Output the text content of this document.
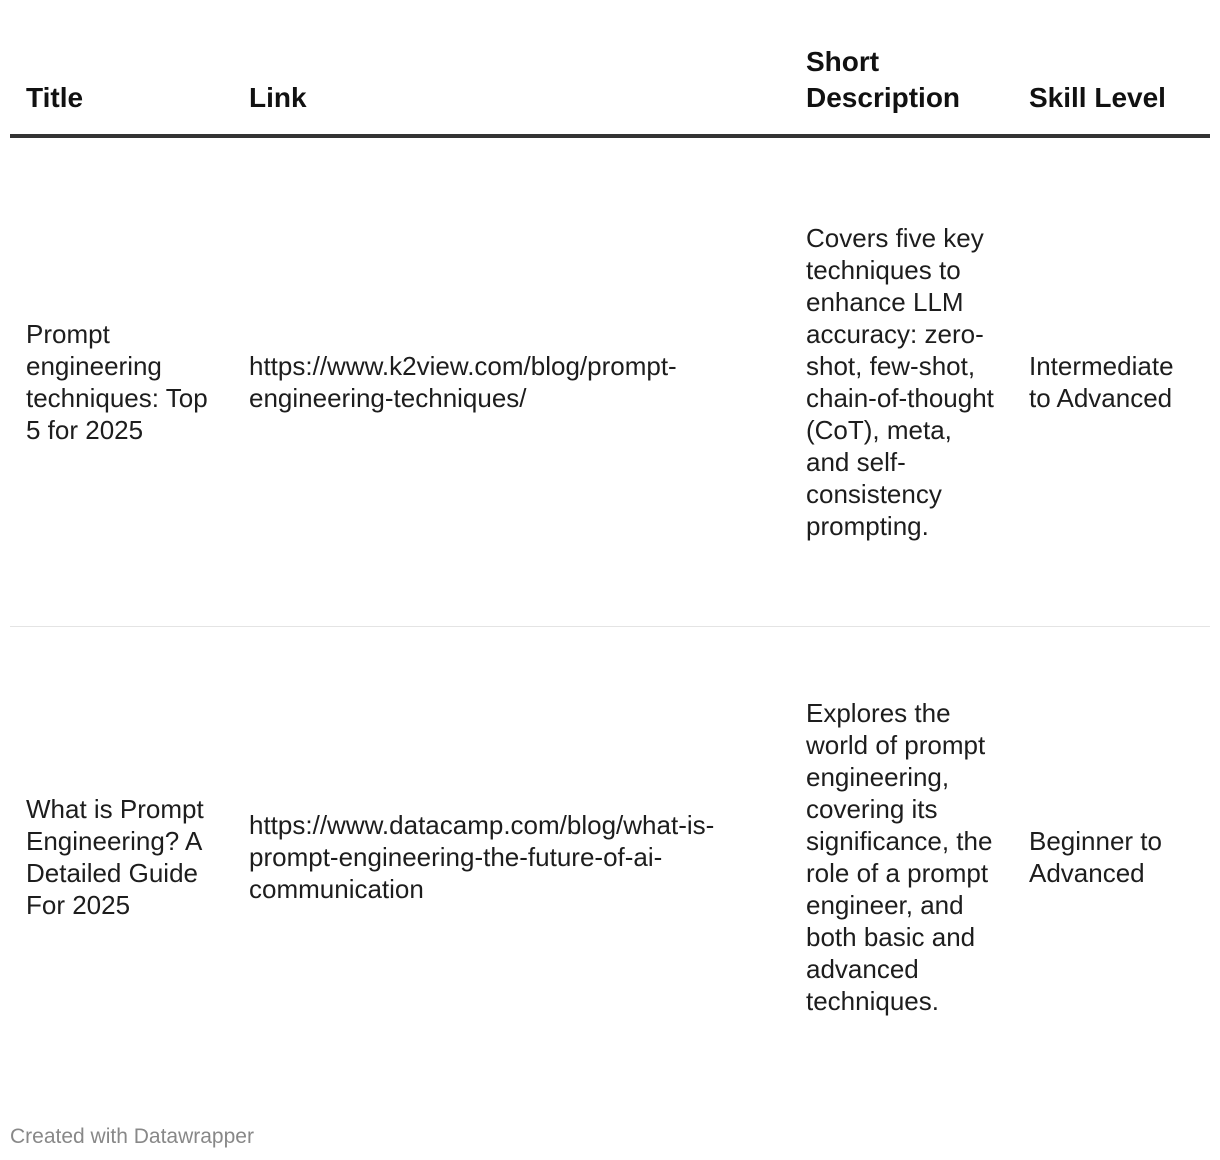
Title	Link	Short Description	Skill Level
Prompt engineering techniques: Top 5 for 2025	https://www.k2view.com/blog/prompt-engineering-techniques/	Covers five key techniques to enhance LLM accuracy: zero-shot, few-shot, chain-of-thought (CoT), meta, and self-consistency prompting.	Intermediate to Advanced
What is Prompt Engineering? A Detailed Guide For 2025	https://www.datacamp.com/blog/what-is-prompt-engineering-the-future-of-ai-communication	Explores the world of prompt engineering, covering its significance, the role of a prompt engineer, and both basic and advanced techniques.	Beginner to Advanced
Created with Datawrapper
